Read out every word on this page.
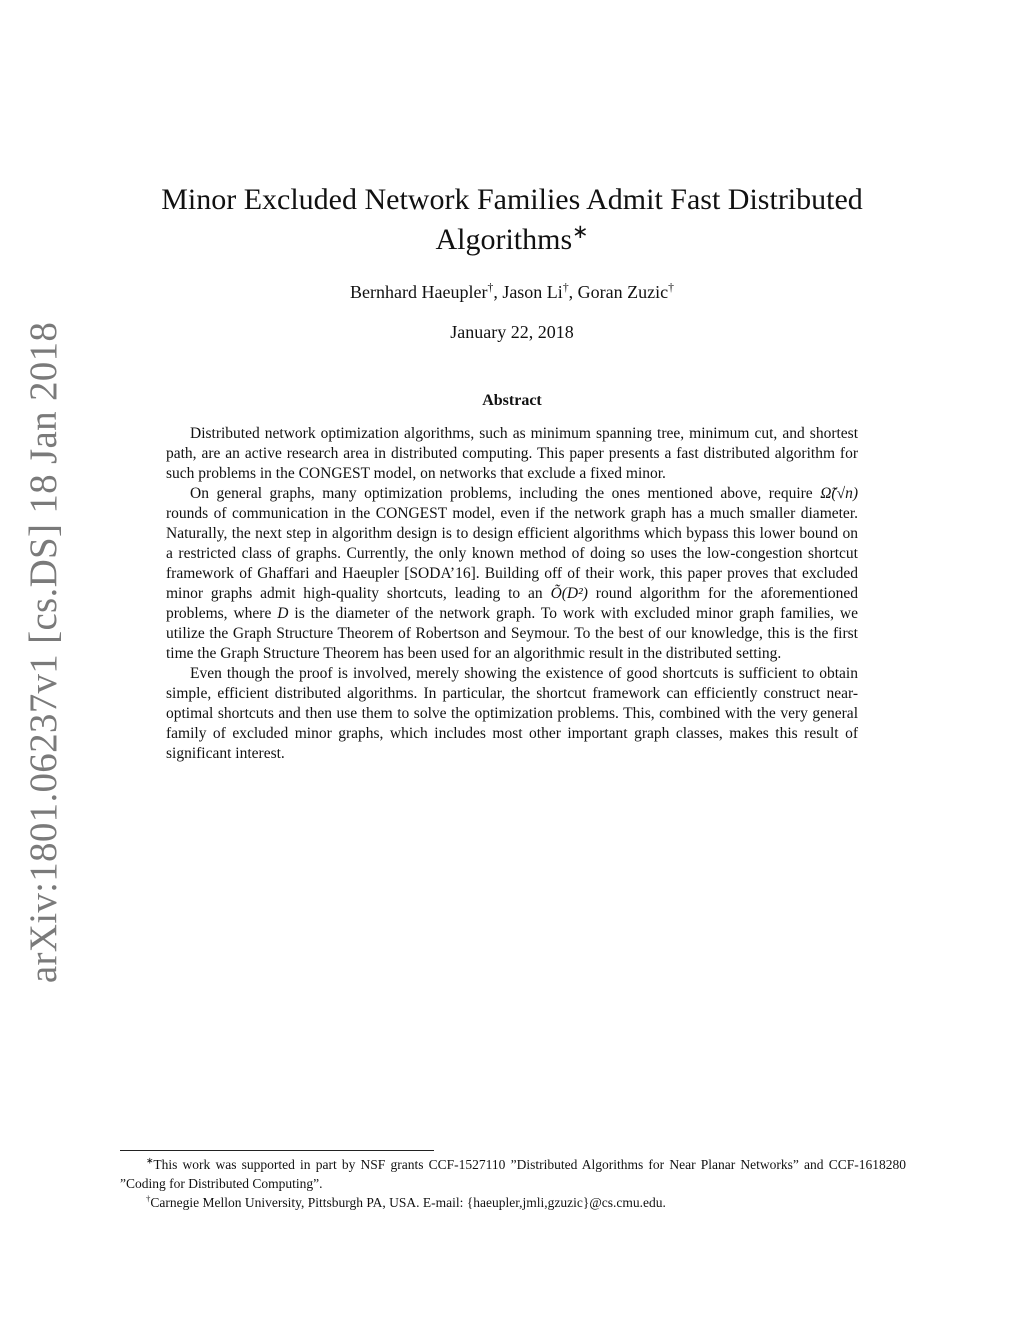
arXiv:1801.06237v1 [cs.DS] 18 Jan 2018
Minor Excluded Network Families Admit Fast Distributed
Algorithms∗
Bernhard Haeupler†, Jason Li†, Goran Zuzic†
January 22, 2018
Abstract

Distributed network optimization algorithms, such as minimum spanning tree, minimum cut, and shortest path, are an active research area in distributed computing. This paper presents a fast distributed algorithm for such problems in the CONGEST model, on networks that exclude a fixed minor.

On general graphs, many optimization problems, including the ones mentioned above, require Ω̃(√n) rounds of communication in the CONGEST model, even if the network graph has a much smaller diameter. Naturally, the next step in algorithm design is to design efficient algorithms which bypass this lower bound on a restricted class of graphs. Currently, the only known method of doing so uses the low-congestion shortcut framework of Ghaffari and Haeupler [SODA’16]. Building off of their work, this paper proves that excluded minor graphs admit high-quality shortcuts, leading to an Õ(D²) round algorithm for the aforementioned problems, where D is the diameter of the network graph. To work with excluded minor graph families, we utilize the Graph Structure Theorem of Robertson and Seymour. To the best of our knowledge, this is the first time the Graph Structure Theorem has been used for an algorithmic result in the distributed setting.

Even though the proof is involved, merely showing the existence of good shortcuts is sufficient to obtain simple, efficient distributed algorithms. In particular, the shortcut framework can efficiently construct near-optimal shortcuts and then use them to solve the optimization problems. This, combined with the very general family of excluded minor graphs, which includes most other important graph classes, makes this result of significant interest.

∗This work was supported in part by NSF grants CCF-1527110 ”Distributed Algorithms for Near Planar Networks” and CCF-1618280 ”Coding for Distributed Computing”.

†Carnegie Mellon University, Pittsburgh PA, USA. E-mail: {haeupler,jmli,gzuzic}@cs.cmu.edu.
